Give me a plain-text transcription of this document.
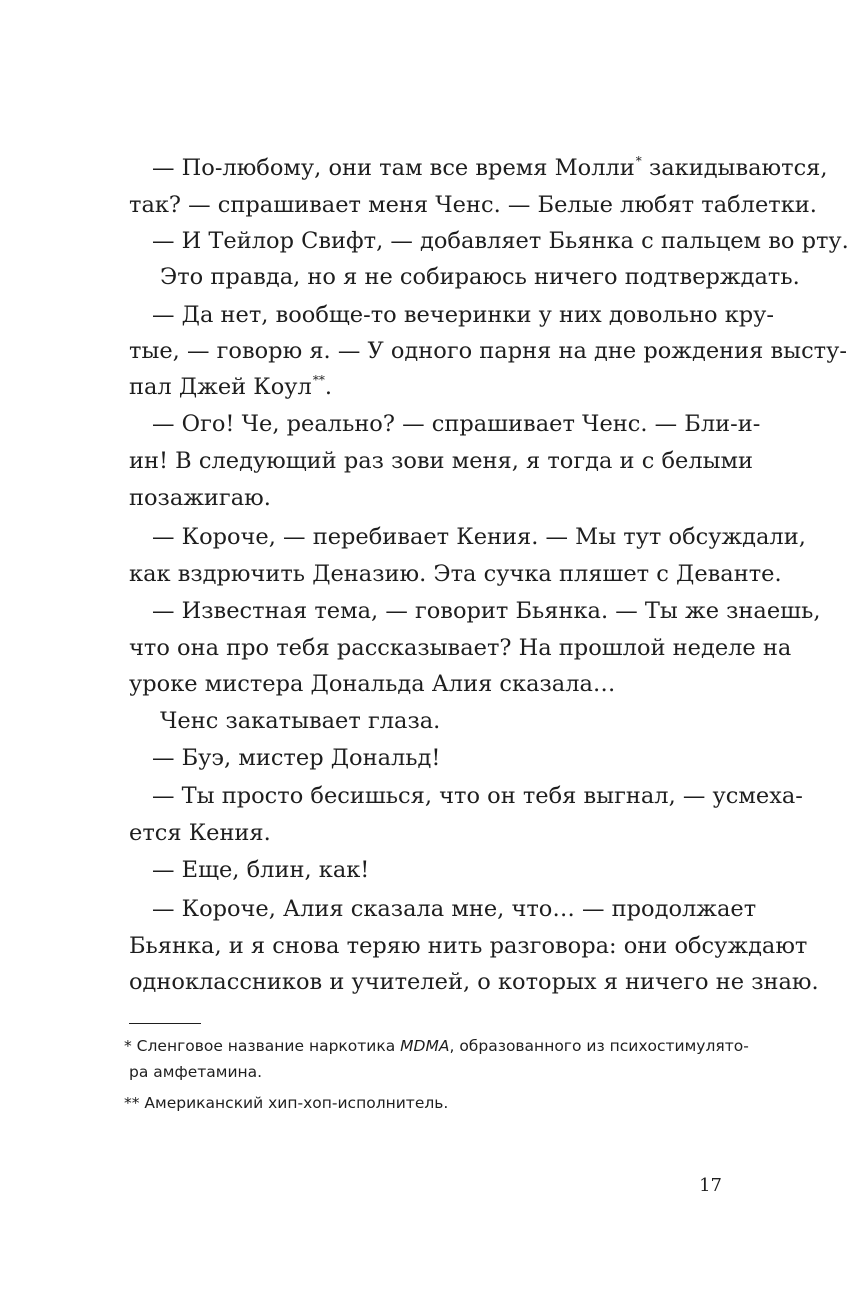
— По-любому, они там все время Молли* закидываются,
так? — спрашивает меня Ченс. — Белые любят таблетки.
— И Тейлор Свифт, — добавляет Бьянка с пальцем во рту.
Это правда, но я не собираюсь ничего подтверждать.
— Да нет, вообще-то вечеринки у них довольно кру-
тые, — говорю я. — У одного парня на дне рождения высту-
пал Джей Коул**.
— Ого! Че, реально? — спрашивает Ченс. — Бли-и-
ин! В следующий раз зови меня, я тогда и с белыми
позажигаю.
— Короче, — перебивает Кения. — Мы тут обсуждали,
как вздрючить Деназию. Эта сучка пляшет с Деванте.
— Известная тема, — говорит Бьянка. — Ты же знаешь,
что она про тебя рассказывает? На прошлой неделе на
уроке мистера Дональда Алия сказала…
Ченс закатывает глаза.
— Буэ, мистер Дональд!
— Ты просто бесишься, что он тебя выгнал, — усмеха-
ется Кения.
— Еще, блин, как!
— Короче, Алия сказала мне, что… — продолжает
Бьянка, и я снова теряю нить разговора: они обсуждают
одноклассников и учителей, о которых я ничего не знаю.
* Сленговое название наркотика MDMA, образованного из психостимулято-
ра амфетамина.
** Американский хип-хоп-исполнитель.
17
